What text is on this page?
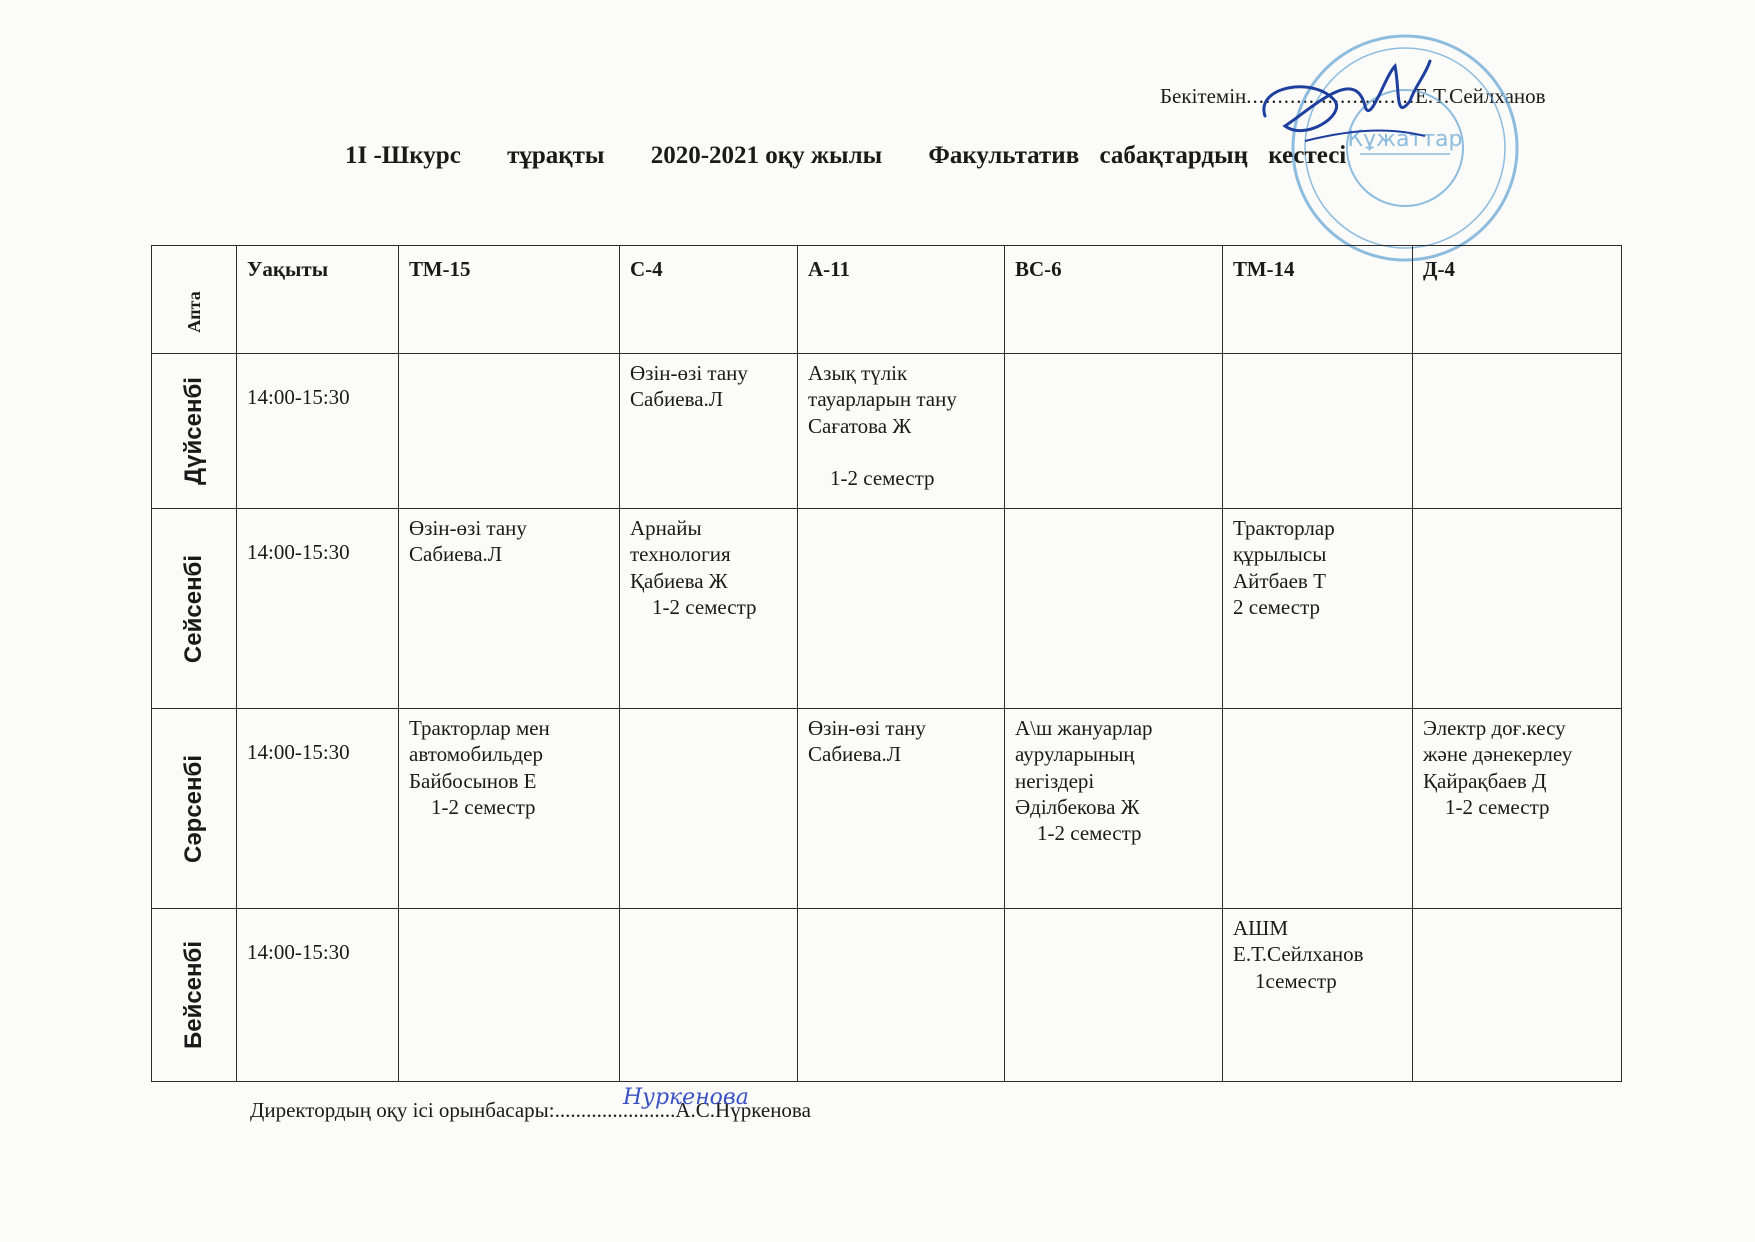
Бекітемін...........................Е.Т.Сейлханов
Кұжаттар
1І -Шкурс тұрақты 2020-2021 оқу жылы Факультатив сабақтардың кестесі
Апта	Уақыты	ТМ-15	С-4	А-11	ВС-6	ТМ-14	Д-4

Дүйсенбі	14:00-15:30		Өзін-өзі тану
Сабиева.Л	Азық түлік
тауарларын тану
Сағатова Ж

1-2 семестр			

Сейсенбі	14:00-15:30	Өзін-өзі тану
Сабиева.Л	Арнайы
технология
Қабиева Ж
1-2 семестр			Тракторлар
құрылысы
Айтбаев Т
2 семестр	

Сәрсенбі	14:00-15:30	Тракторлар мен
автомобильдер
Байбосынов Е
1-2 семестр		Өзін-өзі тану
Сабиева.Л	А\ш жануарлар
ауруларының
негіздері
Әділбекова Ж
1-2 семестр		Электр доғ.кесу
және дәнекерлеу
Қайрақбаев Д
1-2 семестр

Бейсенбі	14:00-15:30					АШМ
Е.Т.Сейлханов
1семестр	

Директордың оқу ісі орынбасары:.......................А.С.Нүркенова
Нуркенова
